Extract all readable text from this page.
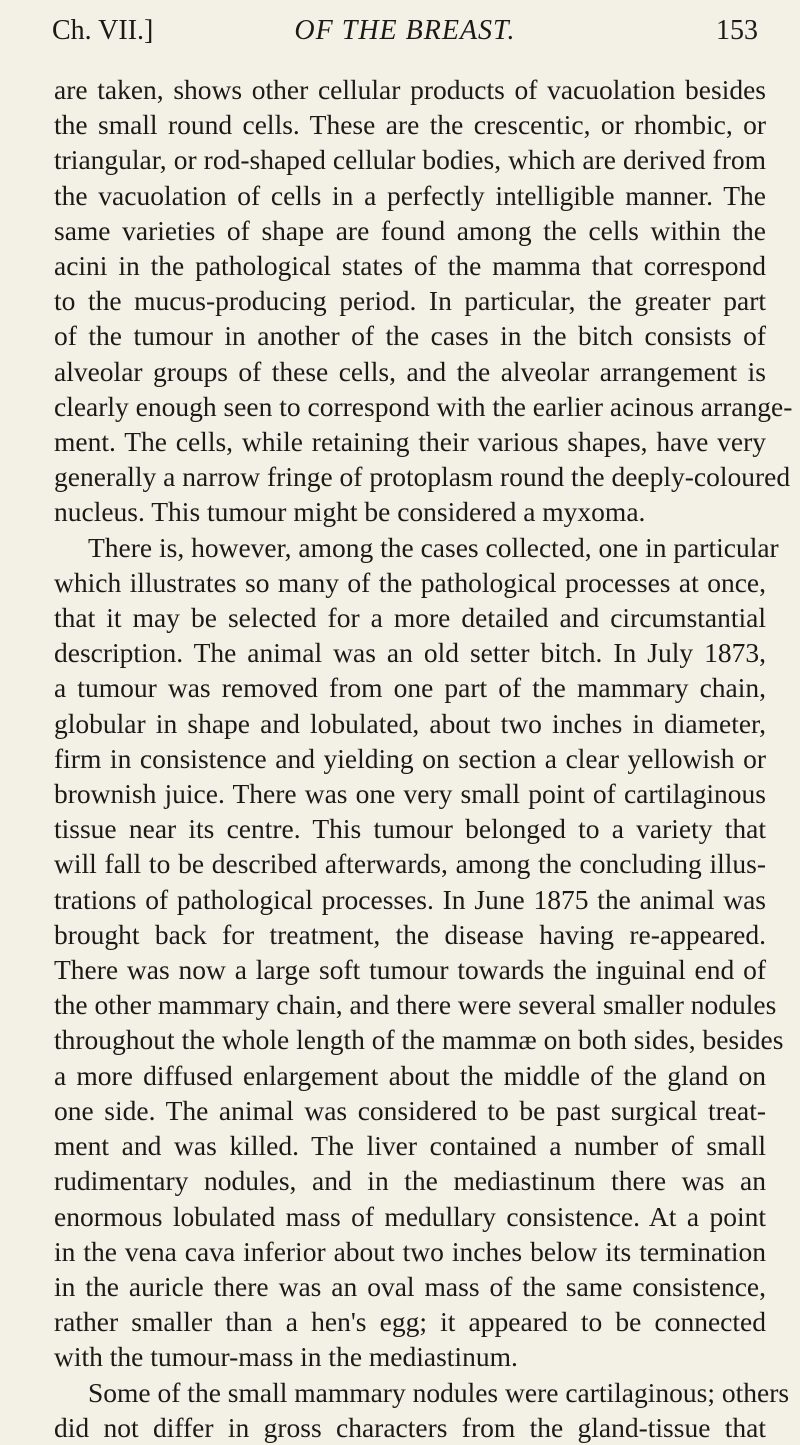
Ch. VII.]	OF THE BREAST.	153
are taken, shows other cellular products of vacuolation besides
the small round cells. These are the crescentic, or rhombic, or
triangular, or rod-shaped cellular bodies, which are derived from
the vacuolation of cells in a perfectly intelligible manner. The
same varieties of shape are found among the cells within the
acini in the pathological states of the mamma that correspond
to the mucus-producing period. In particular, the greater part
of the tumour in another of the cases in the bitch consists of
alveolar groups of these cells, and the alveolar arrangement is
clearly enough seen to correspond with the earlier acinous arrange-
ment. The cells, while retaining their various shapes, have very
generally a narrow fringe of protoplasm round the deeply-coloured
nucleus. This tumour might be considered a myxoma.
There is, however, among the cases collected, one in particular
which illustrates so many of the pathological processes at once,
that it may be selected for a more detailed and circumstantial
description. The animal was an old setter bitch. In July 1873,
a tumour was removed from one part of the mammary chain,
globular in shape and lobulated, about two inches in diameter,
firm in consistence and yielding on section a clear yellowish or
brownish juice. There was one very small point of cartilaginous
tissue near its centre. This tumour belonged to a variety that
will fall to be described afterwards, among the concluding illus-
trations of pathological processes. In June 1875 the animal was
brought back for treatment, the disease having re-appeared.
There was now a large soft tumour towards the inguinal end of
the other mammary chain, and there were several smaller nodules
throughout the whole length of the mammæ on both sides, besides
a more diffused enlargement about the middle of the gland on
one side. The animal was considered to be past surgical treat-
ment and was killed. The liver contained a number of small
rudimentary nodules, and in the mediastinum there was an
enormous lobulated mass of medullary consistence. At a point
in the vena cava inferior about two inches below its termination
in the auricle there was an oval mass of the same consistence,
rather smaller than a hen's egg; it appeared to be connected
with the tumour-mass in the mediastinum.
Some of the small mammary nodules were cartilaginous; others
did not differ in gross characters from the gland-tissue that
